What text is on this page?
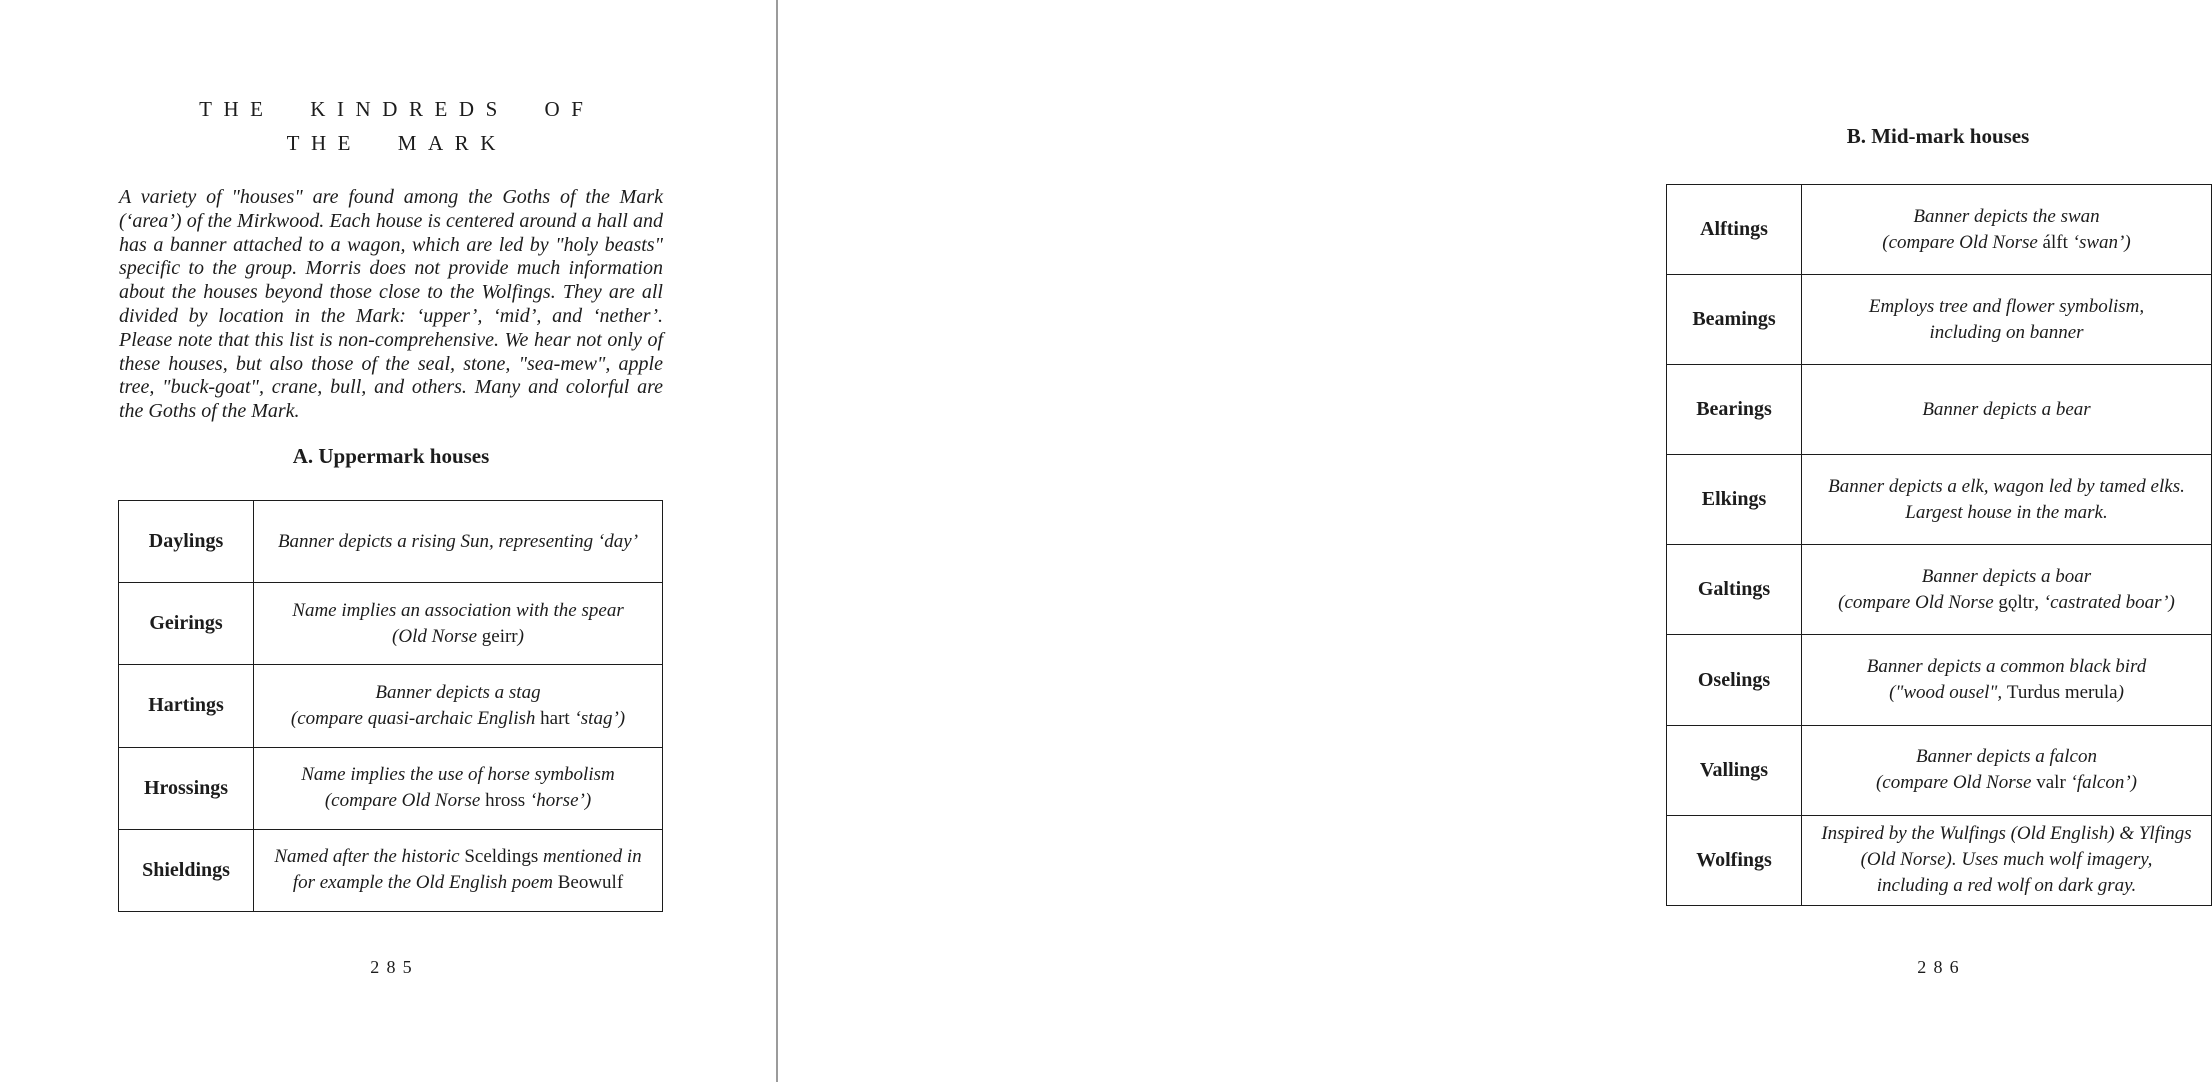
THE KINDREDS OF
THE MARK
A variety of "houses" are found among the Goths of the Mark (‘area’) of the Mirkwood. Each house is centered around a hall and has a banner attached to a wagon, which are led by "holy beasts" specific to the group. Morris does not provide much information about the houses beyond those close to the Wolfings. They are all divided by location in the Mark: ‘upper’, ‘mid’, and ‘nether’. Please note that this list is non-comprehensive. We hear not only of these houses, but also those of the seal, stone, "sea-mew", apple tree, "buck-goat", crane, bull, and others. Many and colorful are the Goths of the Mark.
A. Uppermark houses
Daylings	Banner depicts a rising Sun, representing ‘day’

Geirings	Name implies an association with the spear
(Old Norse geirr)

Hartings	Banner depicts a stag
(compare quasi-archaic English hart ‘stag’)

Hrossings	Name implies the use of horse symbolism
(compare Old Norse hross ‘horse’)

Shieldings	Named after the historic Sceldings mentioned in
for example the Old English poem Beowulf
285
B. Mid-mark houses
Alftings	Banner depicts the swan
(compare Old Norse álft ‘swan’)

Beamings	Employs tree and flower symbolism,
including on banner

Bearings	Banner depicts a bear

Elkings	Banner depicts a elk, wagon led by tamed elks.
Largest house in the mark.

Galtings	Banner depicts a boar
(compare Old Norse gǫltr, ‘castrated boar’)

Oselings	Banner depicts a common black bird
("wood ousel", Turdus merula)

Vallings	Banner depicts a falcon
(compare Old Norse valr ‘falcon’)

Wolfings	Inspired by the Wulfings (Old English) & Ylfings
(Old Norse). Uses much wolf imagery,
including a red wolf on dark gray.
286
